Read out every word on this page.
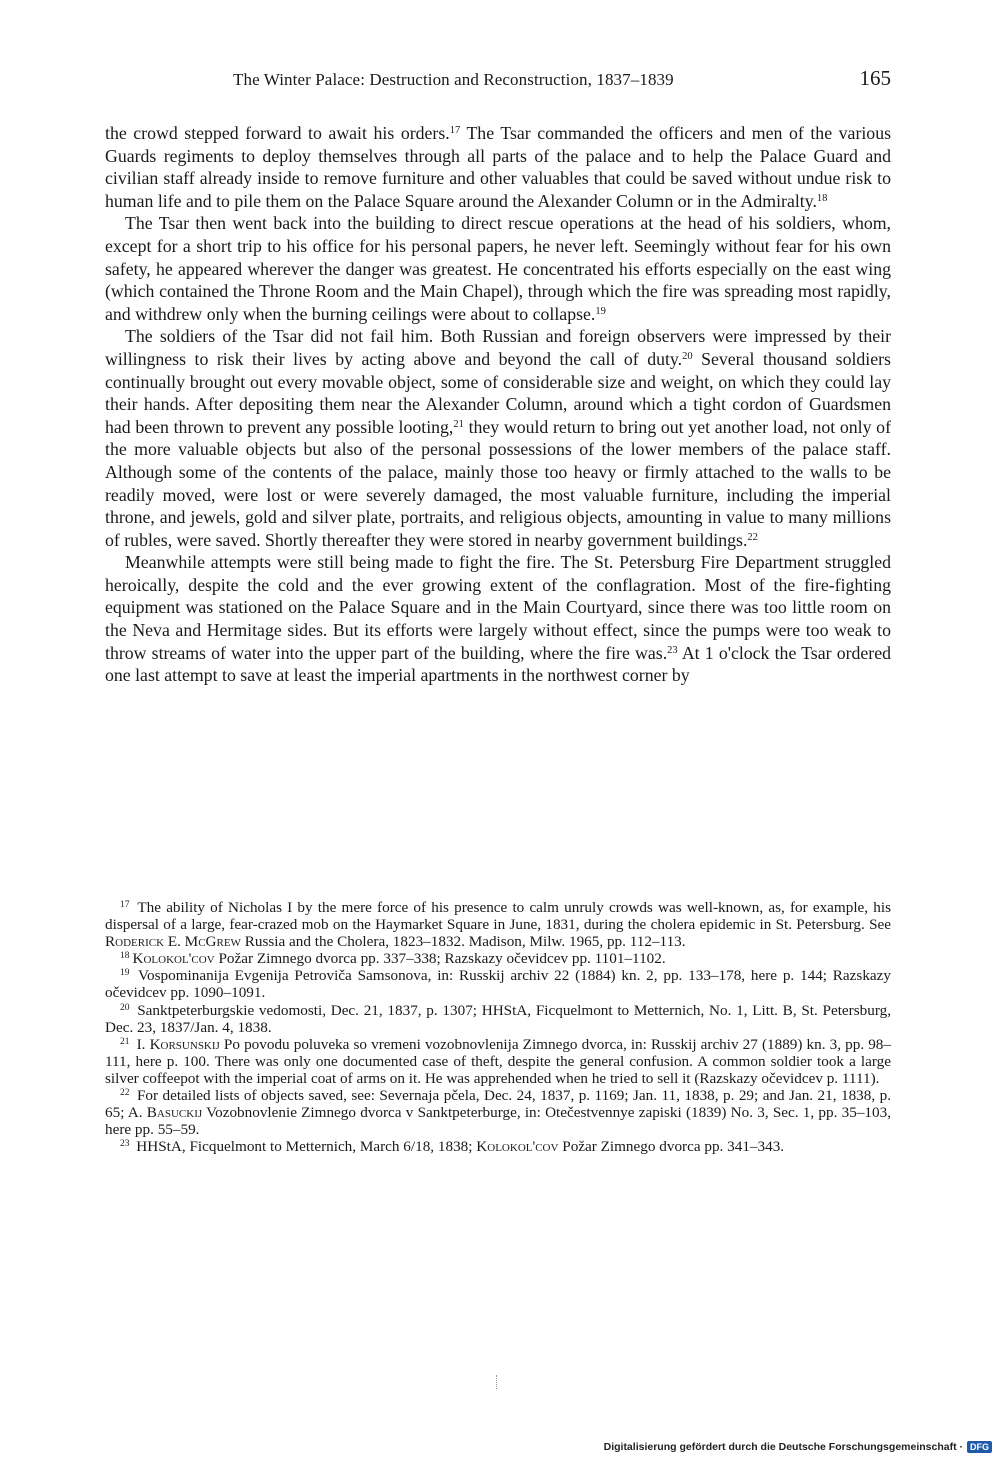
The Winter Palace: Destruction and Reconstruction, 1837–1839	165

the crowd stepped forward to await his orders.$^{17}$ The Tsar commanded the officers and men of the various Guards regiments to deploy themselves through all parts of the palace and to help the Palace Guard and civilian staff already inside to remove furniture and other valuables that could be saved without undue risk to human life and to pile them on the Palace Square around the Alexander Column or in the Admiralty.$^{18}$

The Tsar then went back into the building to direct rescue operations at the head of his soldiers, whom, except for a short trip to his office for his personal papers, he never left. Seemingly without fear for his own safety, he appeared wherever the danger was greatest. He concentrated his efforts especially on the east wing (which contained the Throne Room and the Main Chapel), through which the fire was spreading most rapidly, and withdrew only when the burning ceilings were about to collapse.$^{19}$

The soldiers of the Tsar did not fail him. Both Russian and foreign observers were impressed by their willingness to risk their lives by acting above and beyond the call of duty.$^{20}$ Several thousand soldiers continually brought out every movable object, some of considerable size and weight, on which they could lay their hands. After depositing them near the Alexander Column, around which a tight cordon of Guardsmen had been thrown to prevent any possible looting,$^{21}$ they would return to bring out yet another load, not only of the more valuable objects but also of the personal possessions of the lower members of the palace staff. Although some of the contents of the palace, mainly those too heavy or firmly attached to the walls to be readily moved, were lost or were severely damaged, the most valuable furniture, including the imperial throne, and jewels, gold and silver plate, portraits, and religious objects, amounting in value to many millions of rubles, were saved. Shortly thereafter they were stored in nearby government buildings.$^{22}$

Meanwhile attempts were still being made to fight the fire. The St. Petersburg Fire Department struggled heroically, despite the cold and the ever growing extent of the conflagration. Most of the fire-fighting equipment was stationed on the Palace Square and in the Main Courtyard, since there was too little room on the Neva and Hermitage sides. But its efforts were largely without effect, since the pumps were too weak to throw streams of water into the upper part of the building, where the fire was.$^{23}$ At 1 o'clock the Tsar ordered one last attempt to save at least the imperial apartments in the northwest corner by

$^{17}$ The ability of Nicholas I by the mere force of his presence to calm unruly crowds was well-known, as, for example, his dispersal of a large, fear-crazed mob on the Haymarket Square in June, 1831, during the cholera epidemic in St. Petersburg. See Roderick E. McGrew Russia and the Cholera, 1823–1832. Madison, Milw. 1965, pp. 112–113.

$^{18}$ Kolokol'cov Požar Zimnego dvorca pp. 337–338; Razskazy očevidcev pp. 1101–1102.

$^{19}$ Vospominanija Evgenija Petroviča Samsonova, in: Russkij archiv 22 (1884) kn. 2, pp. 133–178, here p. 144; Razskazy očevidcev pp. 1090–1091.

$^{20}$ Sanktpeterburgskie vedomosti, Dec. 21, 1837, p. 1307; HHStA, Ficquelmont to Metternich, No. 1, Litt. B, St. Petersburg, Dec. 23, 1837/Jan. 4, 1838.

$^{21}$ I. Korsunskij Po povodu poluveka so vremeni vozobnovlenija Zimnego dvorca, in: Russkij archiv 27 (1889) kn. 3, pp. 98–111, here p. 100. There was only one documented case of theft, despite the general confusion. A common soldier took a large silver coffeepot with the imperial coat of arms on it. He was apprehended when he tried to sell it (Razskazy očevidcev p. 1111).

$^{22}$ For detailed lists of objects saved, see: Severnaja pčela, Dec. 24, 1837, p. 1169; Jan. 11, 1838, p. 29; and Jan. 21, 1838, p. 65; A. Basuckij Vozobnovlenie Zimnego dvorca v Sanktpeterburge, in: Otečestvennye zapiski (1839) No. 3, Sec. 1, pp. 35–103, here pp. 55–59.

$^{23}$ HHStA, Ficquelmont to Metternich, March 6/18, 1838; Kolokol'cov Požar Zimnego dvorca pp. 341–343.

Digitalisierung gefördert durch die Deutsche Forschungsgemeinschaft · DFG
